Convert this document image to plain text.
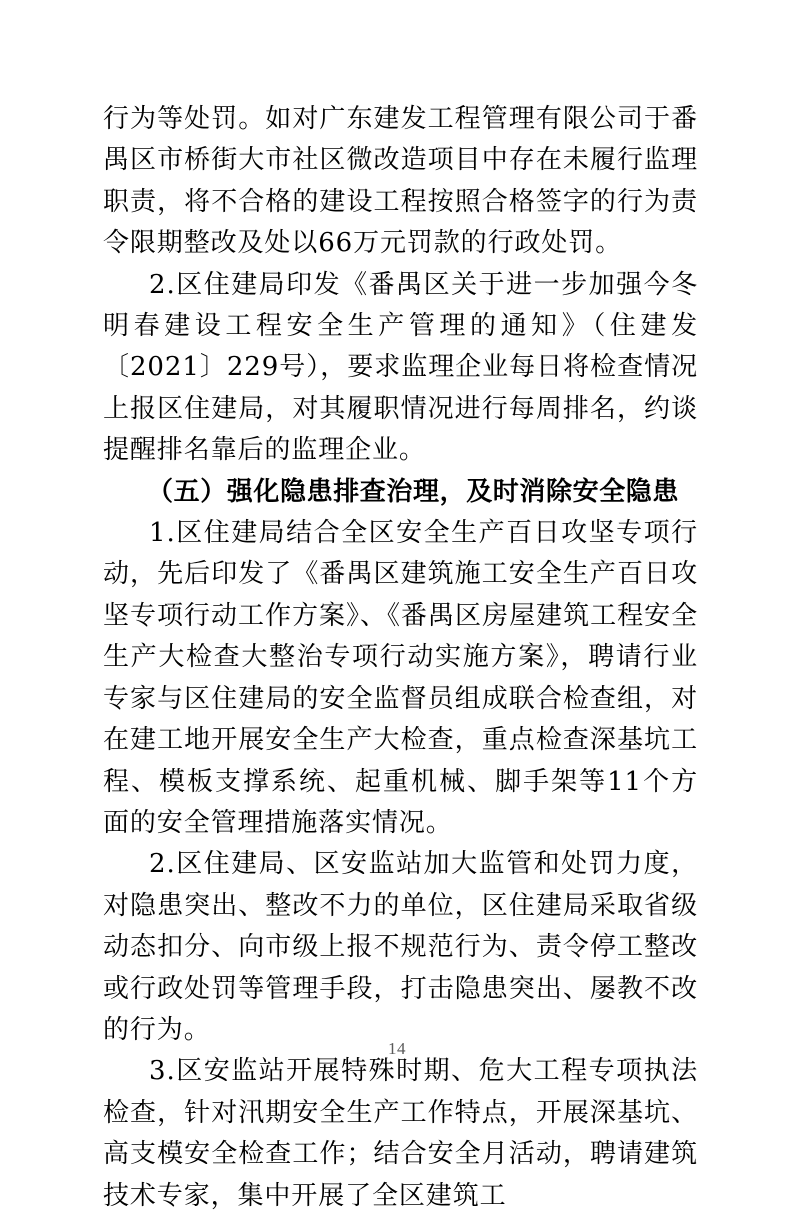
行为等处罚。如对广东建发工程管理有限公司于番禺区市桥街大市社区微改造项目中存在未履行监理职责，将不合格的建设工程按照合格签字的行为责令限期整改及处以66万元罚款的行政处罚。

2.区住建局印发《番禺区关于进一步加强今冬明春建设工程安全生产管理的通知》（住建发〔2021〕229号），要求监理企业每日将检查情况上报区住建局，对其履职情况进行每周排名，约谈提醒排名靠后的监理企业。

（五）强化隐患排查治理，及时消除安全隐患

1.区住建局结合全区安全生产百日攻坚专项行动，先后印发了《番禺区建筑施工安全生产百日攻坚专项行动工作方案》、《番禺区房屋建筑工程安全生产大检查大整治专项行动实施方案》，聘请行业专家与区住建局的安全监督员组成联合检查组，对在建工地开展安全生产大检查，重点检查深基坑工程、模板支撑系统、起重机械、脚手架等11个方面的安全管理措施落实情况。

2.区住建局、区安监站加大监管和处罚力度，对隐患突出、整改不力的单位，区住建局采取省级动态扣分、向市级上报不规范行为、责令停工整改或行政处罚等管理手段，打击隐患突出、屡教不改的行为。

3.区安监站开展特殊时期、危大工程专项执法检查，针对汛期安全生产工作特点，开展深基坑、高支模安全检查工作；结合安全月活动，聘请建筑技术专家，集中开展了全区建筑工

14
